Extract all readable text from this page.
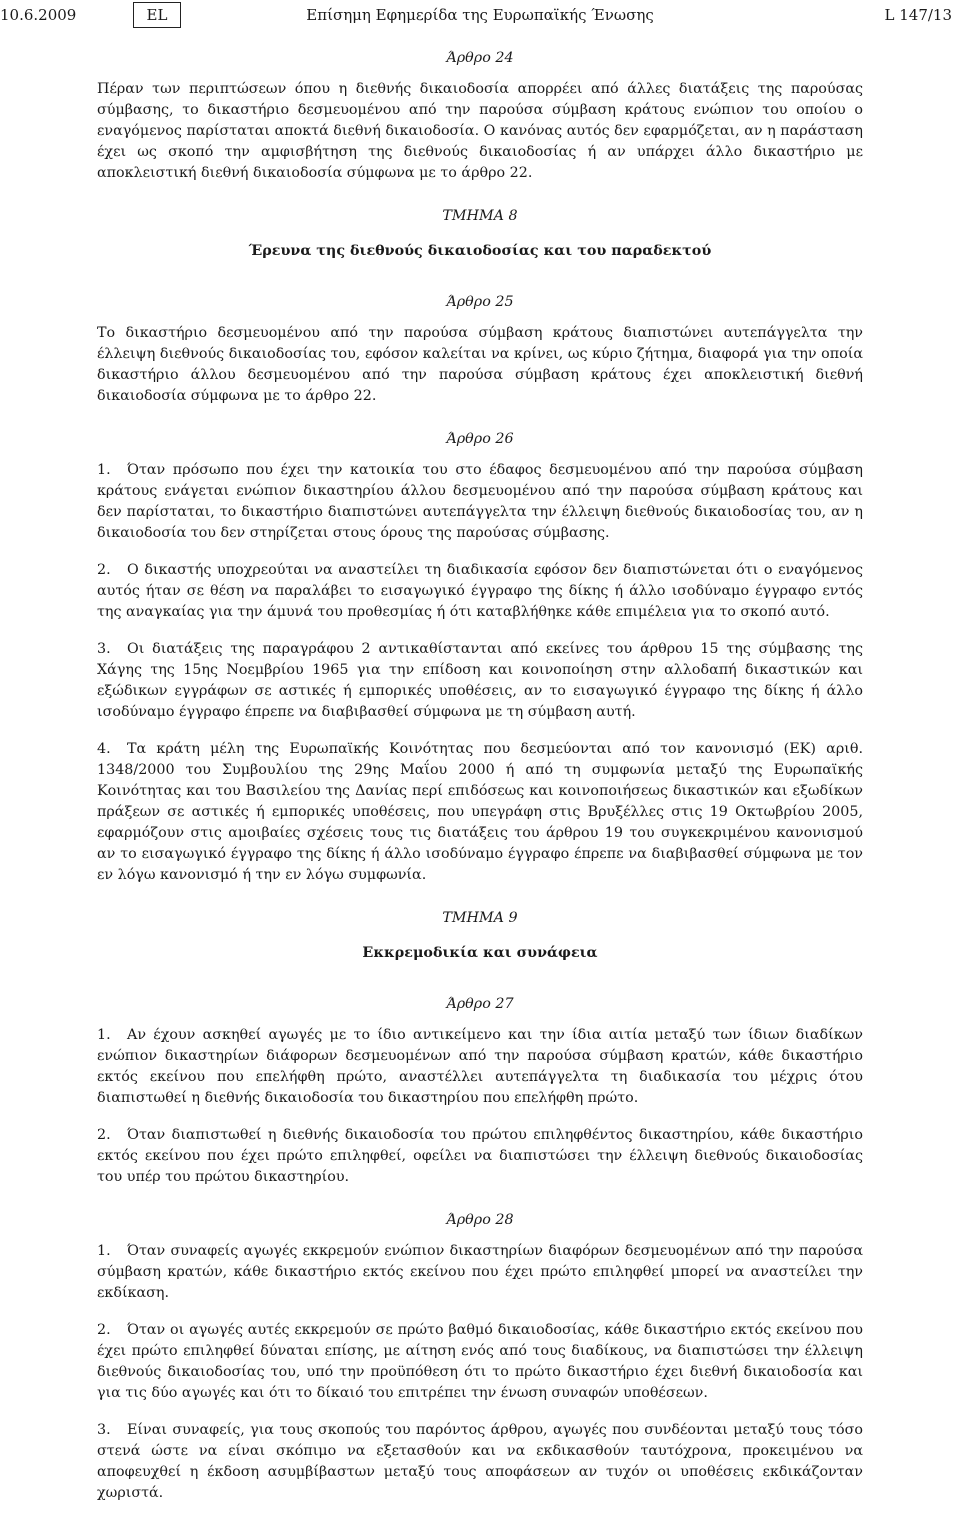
10.6.2009	Επίσημη Εφημερίδα της Ευρωπαϊκής Ένωσης
EL	L 147/13
Άρθρο 24

Πέραν των περιπτώσεων όπου η διεθνής δικαιοδοσία απορρέει από άλλες διατάξεις της παρούσας σύμβασης, το δικαστήριο δεσμευομένου από την παρούσα σύμβαση κράτους ενώπιον του οποίου ο εναγόμενος παρίσταται αποκτά διεθνή δικαιοδοσία. Ο κανόνας αυτός δεν εφαρμόζεται, αν η παράσταση έχει ως σκοπό την αμφισβήτηση της διεθνούς δικαιοδοσίας ή αν υπάρχει άλλο δικαστήριο με αποκλειστική διεθνή δικαιοδοσία σύμφωνα με το άρθρο 22.

ΤΜΗΜΑ 8
Έρευνα της διεθνούς δικαιοδοσίας και του παραδεκτού
Άρθρο 25

Το δικαστήριο δεσμευομένου από την παρούσα σύμβαση κράτους διαπιστώνει αυτεπάγγελτα την έλλειψη διεθνούς δικαιοδοσίας του, εφόσον καλείται να κρίνει, ως κύριο ζήτημα, διαφορά για την οποία δικαστήριο άλλου δεσμευομένου από την παρούσα σύμβαση κράτους έχει αποκλειστική διεθνή δικαιοδοσία σύμφωνα με το άρθρο 22.

Άρθρο 26

1. Όταν πρόσωπο που έχει την κατοικία του στο έδαφος δεσμευομένου από την παρούσα σύμβαση κράτους ενάγεται ενώπιον δικαστηρίου άλλου δεσμευομένου από την παρούσα σύμβαση κράτους και δεν παρίσταται, το δικαστήριο διαπιστώνει αυτεπάγγελτα την έλλειψη διεθνούς δικαιοδοσίας του, αν η δικαιοδοσία του δεν στηρίζεται στους όρους της παρούσας σύμβασης.

2. Ο δικαστής υποχρεούται να αναστείλει τη διαδικασία εφόσον δεν διαπιστώνεται ότι ο εναγόμενος αυτός ήταν σε θέση να παραλάβει το εισαγωγικό έγγραφο της δίκης ή άλλο ισοδύναμο έγγραφο εντός της αναγκαίας για την άμυνά του προθεσμίας ή ότι καταβλήθηκε κάθε επιμέλεια για το σκοπό αυτό.

3. Οι διατάξεις της παραγράφου 2 αντικαθίστανται από εκείνες του άρθρου 15 της σύμβασης της Χάγης της 15ης Νοεμβρίου 1965 για την επίδοση και κοινοποίηση στην αλλοδαπή δικαστικών και εξώδικων εγγράφων σε αστικές ή εμπορικές υποθέσεις, αν το εισαγωγικό έγγραφο της δίκης ή άλλο ισοδύναμο έγγραφο έπρεπε να διαβιβασθεί σύμφωνα με τη σύμβαση αυτή.

4. Τα κράτη μέλη της Ευρωπαϊκής Κοινότητας που δεσμεύονται από τον κανονισμό (ΕΚ) αριθ. 1348/2000 του Συμβουλίου της 29ης Μαΐου 2000 ή από τη συμφωνία μεταξύ της Ευρωπαϊκής Κοινότητας και του Βασιλείου της Δανίας περί επιδόσεως και κοινοποιήσεως δικαστικών και εξωδίκων πράξεων σε αστικές ή εμπορικές υποθέσεις, που υπεγράφη στις Βρυξέλλες στις 19 Οκτωβρίου 2005, εφαρμόζουν στις αμοιβαίες σχέσεις τους τις διατάξεις του άρθρου 19 του συγκεκριμένου κανονισμού αν το εισαγωγικό έγγραφο της δίκης ή άλλο ισοδύναμο έγγραφο έπρεπε να διαβιβασθεί σύμφωνα με τον εν λόγω κανονισμό ή την εν λόγω συμφωνία.

ΤΜΗΜΑ 9
Εκκρεμοδικία και συνάφεια
Άρθρο 27

1. Αν έχουν ασκηθεί αγωγές με το ίδιο αντικείμενο και την ίδια αιτία μεταξύ των ίδιων διαδίκων ενώπιον δικαστηρίων διάφορων δεσμευομένων από την παρούσα σύμβαση κρατών, κάθε δικαστήριο εκτός εκείνου που επελήφθη πρώτο, αναστέλλει αυτεπάγγελτα τη διαδικασία του μέχρις ότου διαπιστωθεί η διεθνής δικαιοδοσία του δικαστηρίου που επελήφθη πρώτο.

2. Όταν διαπιστωθεί η διεθνής δικαιοδοσία του πρώτου επιληφθέντος δικαστηρίου, κάθε δικαστήριο εκτός εκείνου που έχει πρώτο επιληφθεί, οφείλει να διαπιστώσει την έλλειψη διεθνούς δικαιοδοσίας του υπέρ του πρώτου δικαστηρίου.

Άρθρο 28

1. Όταν συναφείς αγωγές εκκρεμούν ενώπιον δικαστηρίων διαφόρων δεσμευομένων από την παρούσα σύμβαση κρατών, κάθε δικαστήριο εκτός εκείνου που έχει πρώτο επιληφθεί μπορεί να αναστείλει την εκδίκαση.

2. Όταν οι αγωγές αυτές εκκρεμούν σε πρώτο βαθμό δικαιοδοσίας, κάθε δικαστήριο εκτός εκείνου που έχει πρώτο επιληφθεί δύναται επίσης, με αίτηση ενός από τους διαδίκους, να διαπιστώσει την έλλειψη διεθνούς δικαιοδοσίας του, υπό την προϋπόθεση ότι το πρώτο δικαστήριο έχει διεθνή δικαιοδοσία και για τις δύο αγωγές και ότι το δίκαιό του επιτρέπει την ένωση συναφών υποθέσεων.

3. Είναι συναφείς, για τους σκοπούς του παρόντος άρθρου, αγωγές που συνδέονται μεταξύ τους τόσο στενά ώστε να είναι σκόπιμο να εξετασθούν και να εκδικασθούν ταυτόχρονα, προκειμένου να αποφευχθεί η έκδοση ασυμβίβαστων μεταξύ τους αποφάσεων αν τυχόν οι υποθέσεις εκδικάζονταν χωριστά.
